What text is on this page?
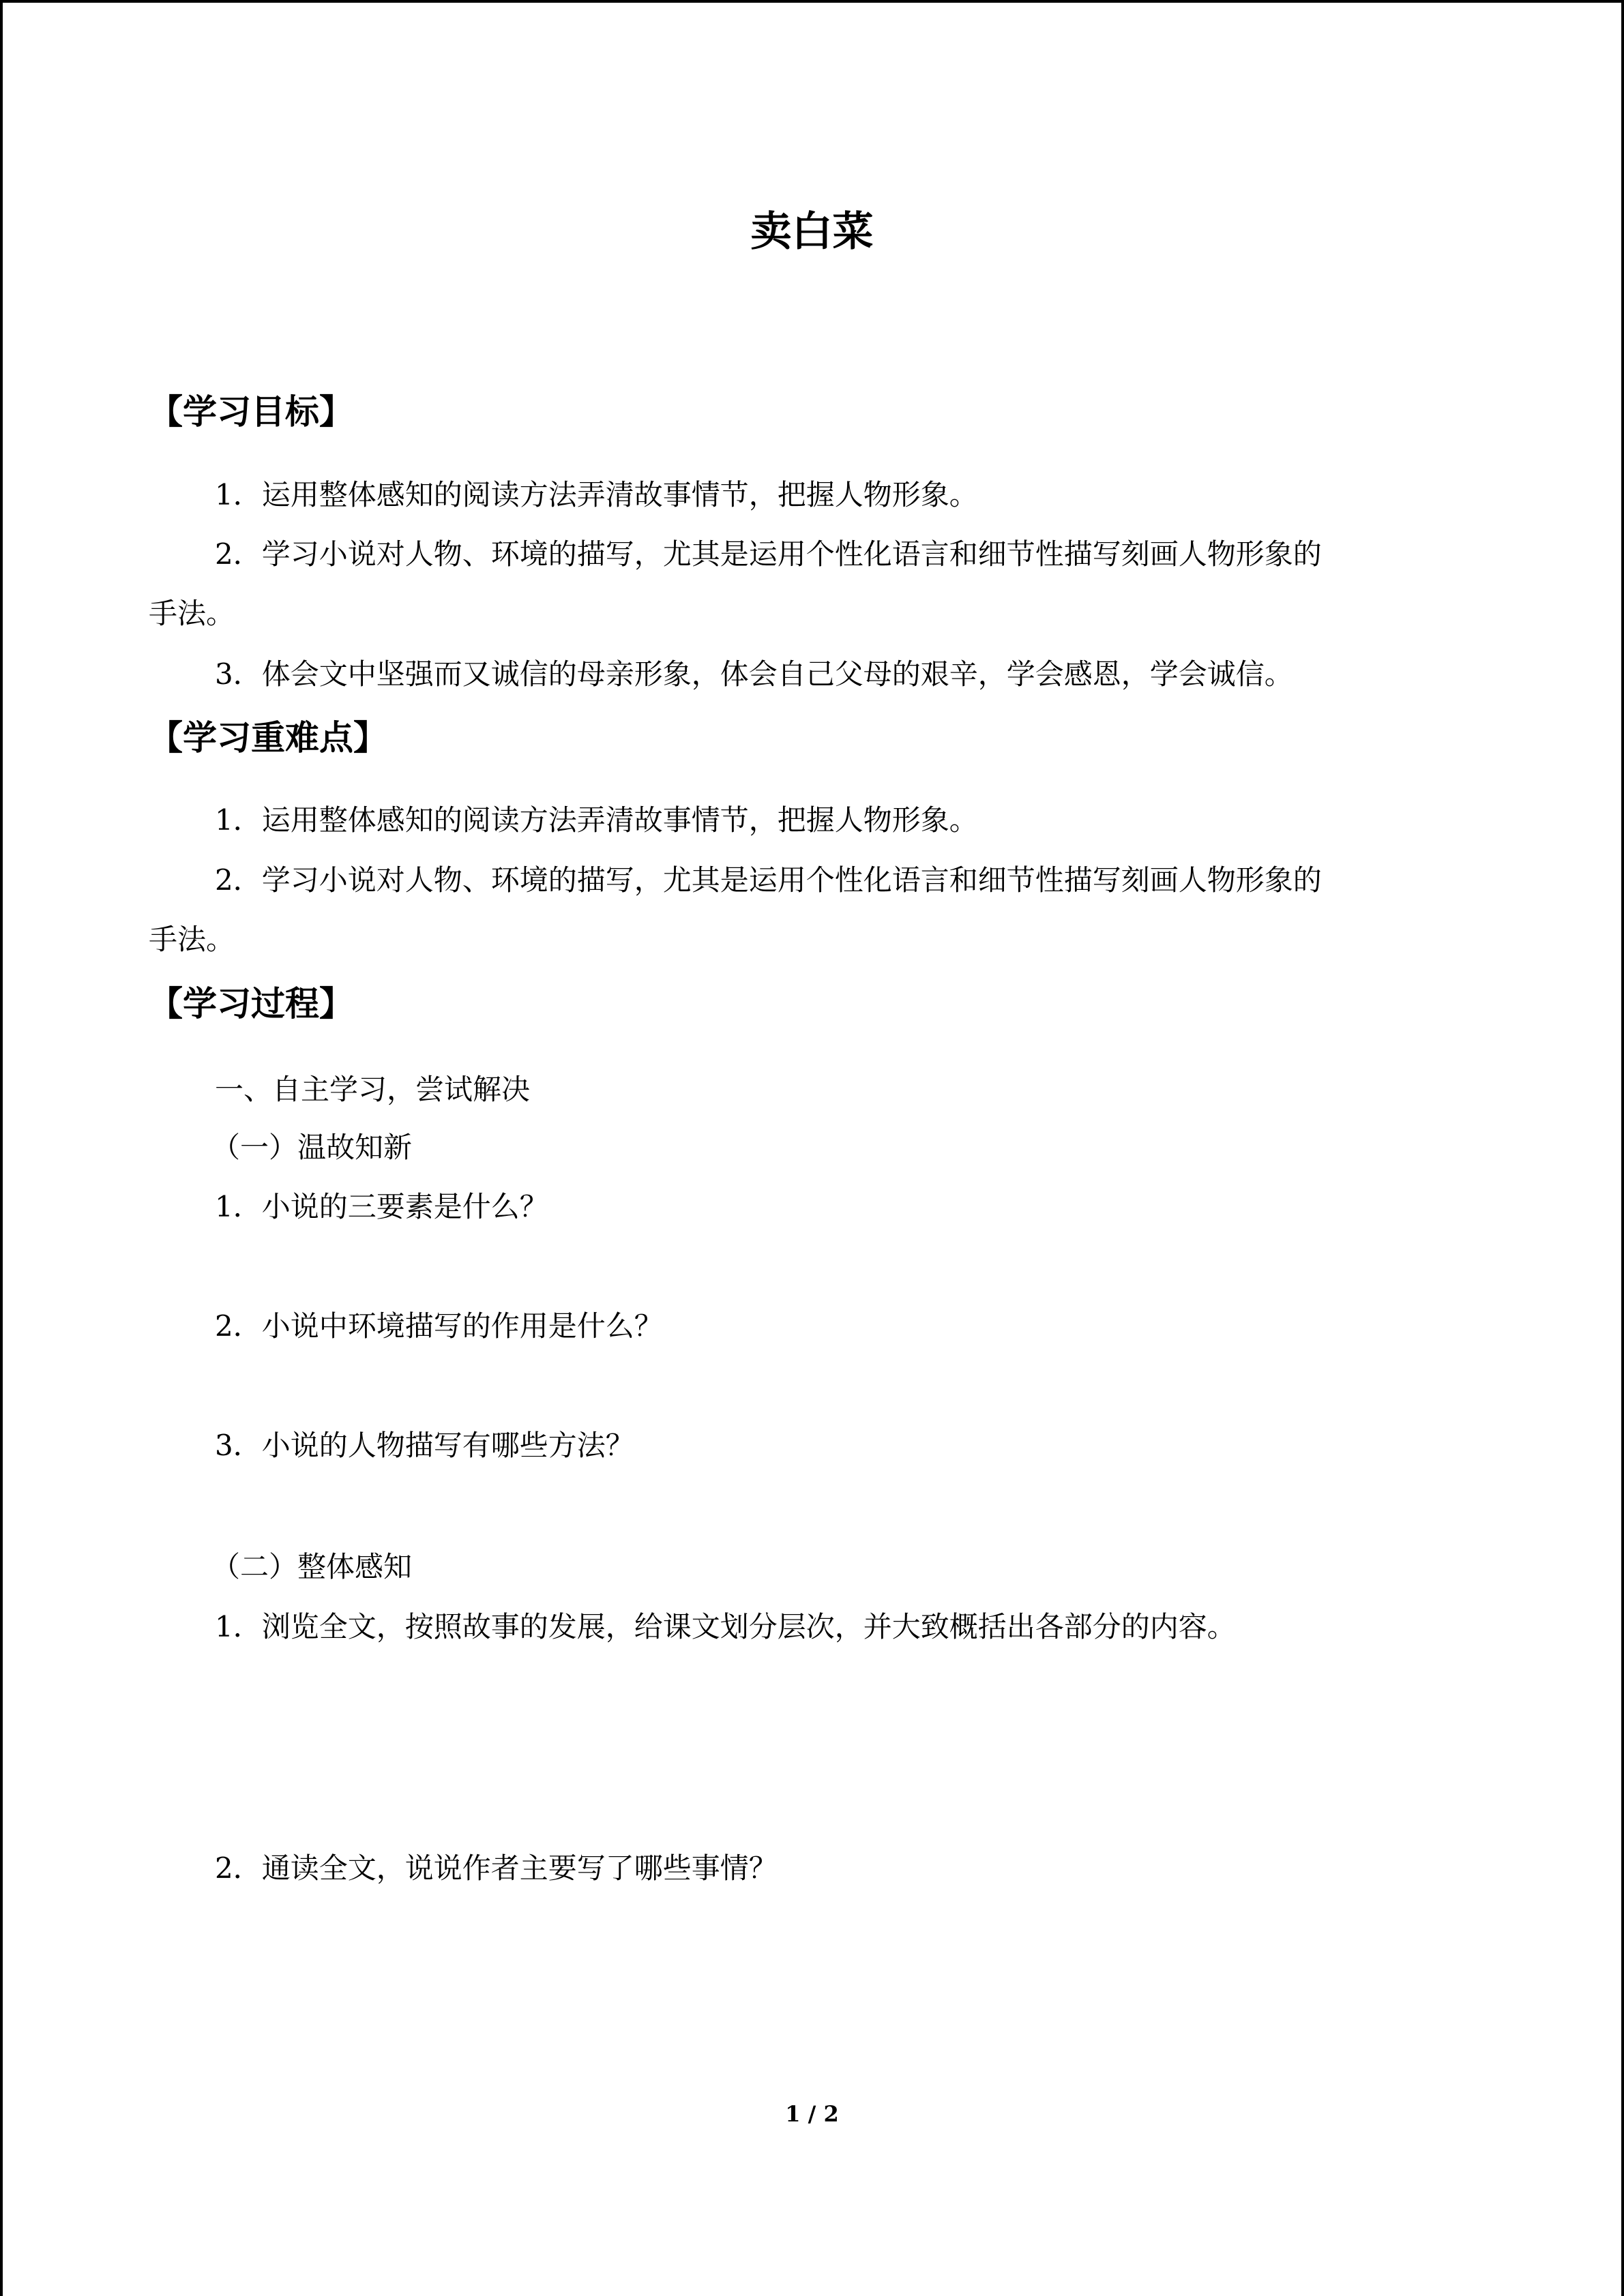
卖白菜
【学习目标】
1．运用整体感知的阅读方法弄清故事情节，把握人物形象。
2．学习小说对人物、环境的描写，尤其是运用个性化语言和细节性描写刻画人物形象的
手法。
3．体会文中坚强而又诚信的母亲形象，体会自己父母的艰辛，学会感恩，学会诚信。
【学习重难点】
1．运用整体感知的阅读方法弄清故事情节，把握人物形象。
2．学习小说对人物、环境的描写，尤其是运用个性化语言和细节性描写刻画人物形象的
手法。
【学习过程】
一、自主学习，尝试解决
（一）温故知新
1．小说的三要素是什么？
2．小说中环境描写的作用是什么？
3．小说的人物描写有哪些方法？
（二）整体感知
1．浏览全文，按照故事的发展，给课文划分层次，并大致概括出各部分的内容。
2．通读全文，说说作者主要写了哪些事情？
1 / 2
